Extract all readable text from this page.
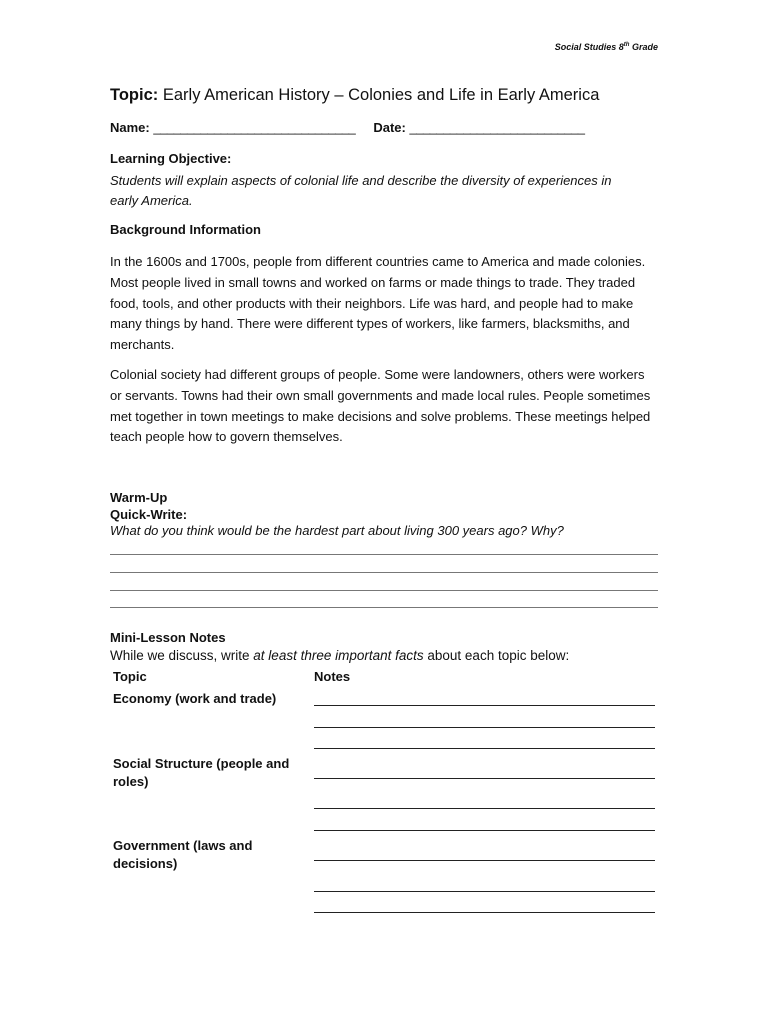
Social Studies 8th Grade
Topic: Early American History – Colonies and Life in Early America
Name: ______________________________ Date: __________________________
Learning Objective:
Students will explain aspects of colonial life and describe the diversity of experiences in early America.
Background Information
In the 1600s and 1700s, people from different countries came to America and made colonies. Most people lived in small towns and worked on farms or made things to trade. They traded food, tools, and other products with their neighbors. Life was hard, and people had to make many things by hand. There were different types of workers, like farmers, blacksmiths, and merchants.
Colonial society had different groups of people. Some were landowners, others were workers or servants. Towns had their own small governments and made local rules. People sometimes met together in town meetings to make decisions and solve problems. These meetings helped teach people how to govern themselves.
Warm-Up
Quick-Write:
What do you think would be the hardest part about living 300 years ago? Why?
Mini-Lesson Notes
While we discuss, write at least three important facts about each topic below:
Topic	Notes
Economy (work and trade)
Social Structure (people and roles)
Government (laws and decisions)
